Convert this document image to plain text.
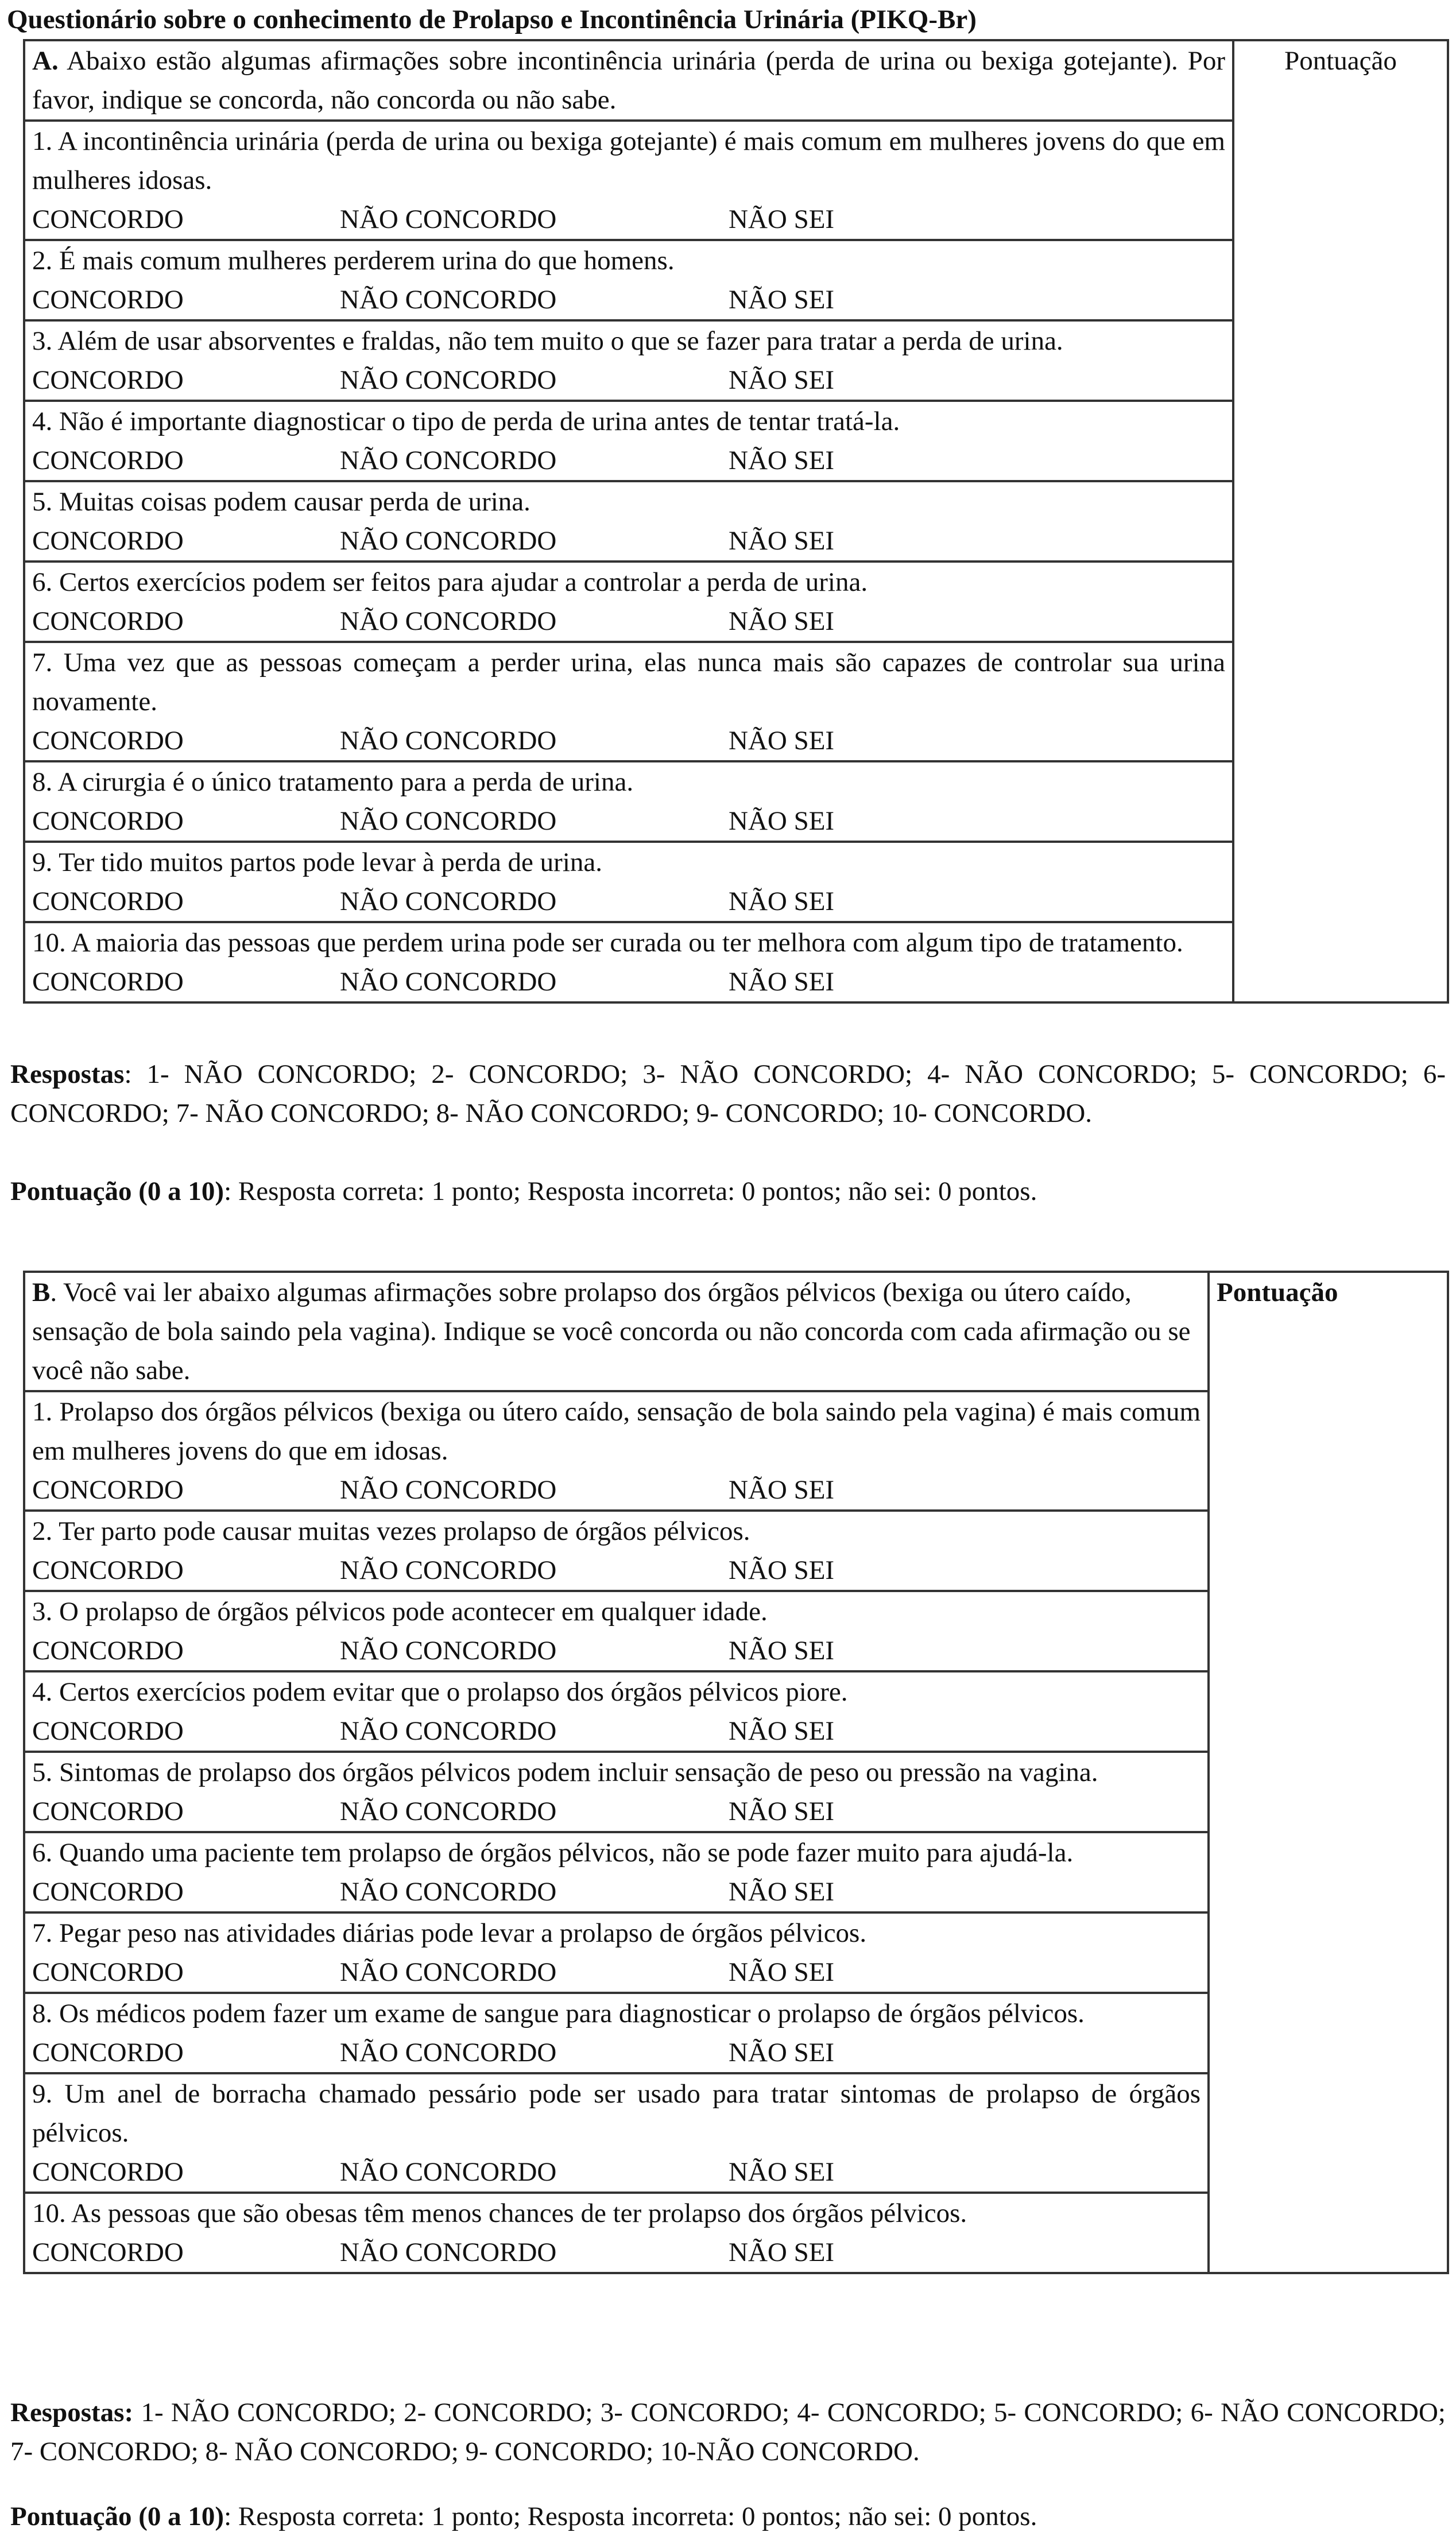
Questionário sobre o conhecimento de Prolapso e Incontinência Urinária (PIKQ-Br)
A. Abaixo estão algumas afirmações sobre incontinência urinária (perda de urina ou bexiga gotejante). Por favor, indique se concorda, não concorda ou não sabe.	Pontuação

1. A incontinência urinária (perda de urina ou bexiga gotejante) é mais comum em mulheres jovens do que em mulheres idosas.
CONCORDO	NÃO CONCORDO	NÃO SEI

2. É mais comum mulheres perderem urina do que homens.
CONCORDO	NÃO CONCORDO	NÃO SEI

3. Além de usar absorventes e fraldas, não tem muito o que se fazer para tratar a perda de urina.
CONCORDO	NÃO CONCORDO	NÃO SEI

4. Não é importante diagnosticar o tipo de perda de urina antes de tentar tratá-la.
CONCORDO	NÃO CONCORDO	NÃO SEI

5. Muitas coisas podem causar perda de urina.
CONCORDO	NÃO CONCORDO	NÃO SEI

6. Certos exercícios podem ser feitos para ajudar a controlar a perda de urina.
CONCORDO	NÃO CONCORDO	NÃO SEI

7. Uma vez que as pessoas começam a perder urina, elas nunca mais são capazes de controlar sua urina novamente.
CONCORDO	NÃO CONCORDO	NÃO SEI

8. A cirurgia é o único tratamento para a perda de urina.
CONCORDO	NÃO CONCORDO	NÃO SEI

9. Ter tido muitos partos pode levar à perda de urina.
CONCORDO	NÃO CONCORDO	NÃO SEI

10. A maioria das pessoas que perdem urina pode ser curada ou ter melhora com algum tipo de tratamento.
CONCORDO	NÃO CONCORDO	NÃO SEI
Respostas: 1- NÃO CONCORDO; 2- CONCORDO; 3- NÃO CONCORDO; 4- NÃO CONCORDO; 5- CONCORDO; 6- CONCORDO; 7- NÃO CONCORDO; 8- NÃO CONCORDO; 9- CONCORDO; 10- CONCORDO.
Pontuação (0 a 10): Resposta correta: 1 ponto; Resposta incorreta: 0 pontos; não sei: 0 pontos.
B. Você vai ler abaixo algumas afirmações sobre prolapso dos órgãos pélvicos (bexiga ou útero caído, sensação de bola saindo pela vagina). Indique se você concorda ou não concorda com cada afirmação ou se você não sabe.	Pontuação

1. Prolapso dos órgãos pélvicos (bexiga ou útero caído, sensação de bola saindo pela vagina) é mais comum em mulheres jovens do que em idosas.
CONCORDO	NÃO CONCORDO	NÃO SEI

2. Ter parto pode causar muitas vezes prolapso de órgãos pélvicos.
CONCORDO	NÃO CONCORDO	NÃO SEI

3. O prolapso de órgãos pélvicos pode acontecer em qualquer idade.
CONCORDO	NÃO CONCORDO	NÃO SEI

4. Certos exercícios podem evitar que o prolapso dos órgãos pélvicos piore.
CONCORDO	NÃO CONCORDO	NÃO SEI

5. Sintomas de prolapso dos órgãos pélvicos podem incluir sensação de peso ou pressão na vagina.
CONCORDO	NÃO CONCORDO	NÃO SEI

6. Quando uma paciente tem prolapso de órgãos pélvicos, não se pode fazer muito para ajudá-la.
CONCORDO	NÃO CONCORDO	NÃO SEI

7. Pegar peso nas atividades diárias pode levar a prolapso de órgãos pélvicos.
CONCORDO	NÃO CONCORDO	NÃO SEI

8. Os médicos podem fazer um exame de sangue para diagnosticar o prolapso de órgãos pélvicos.
CONCORDO	NÃO CONCORDO	NÃO SEI

9. Um anel de borracha chamado pessário pode ser usado para tratar sintomas de prolapso de órgãos pélvicos.
CONCORDO	NÃO CONCORDO	NÃO SEI

10. As pessoas que são obesas têm menos chances de ter prolapso dos órgãos pélvicos.
CONCORDO	NÃO CONCORDO	NÃO SEI
Respostas: 1- NÃO CONCORDO; 2- CONCORDO; 3- CONCORDO; 4- CONCORDO; 5- CONCORDO; 6- NÃO CONCORDO; 7- CONCORDO; 8- NÃO CONCORDO; 9- CONCORDO; 10-NÃO CONCORDO.
Pontuação (0 a 10): Resposta correta: 1 ponto; Resposta incorreta: 0 pontos; não sei: 0 pontos.
